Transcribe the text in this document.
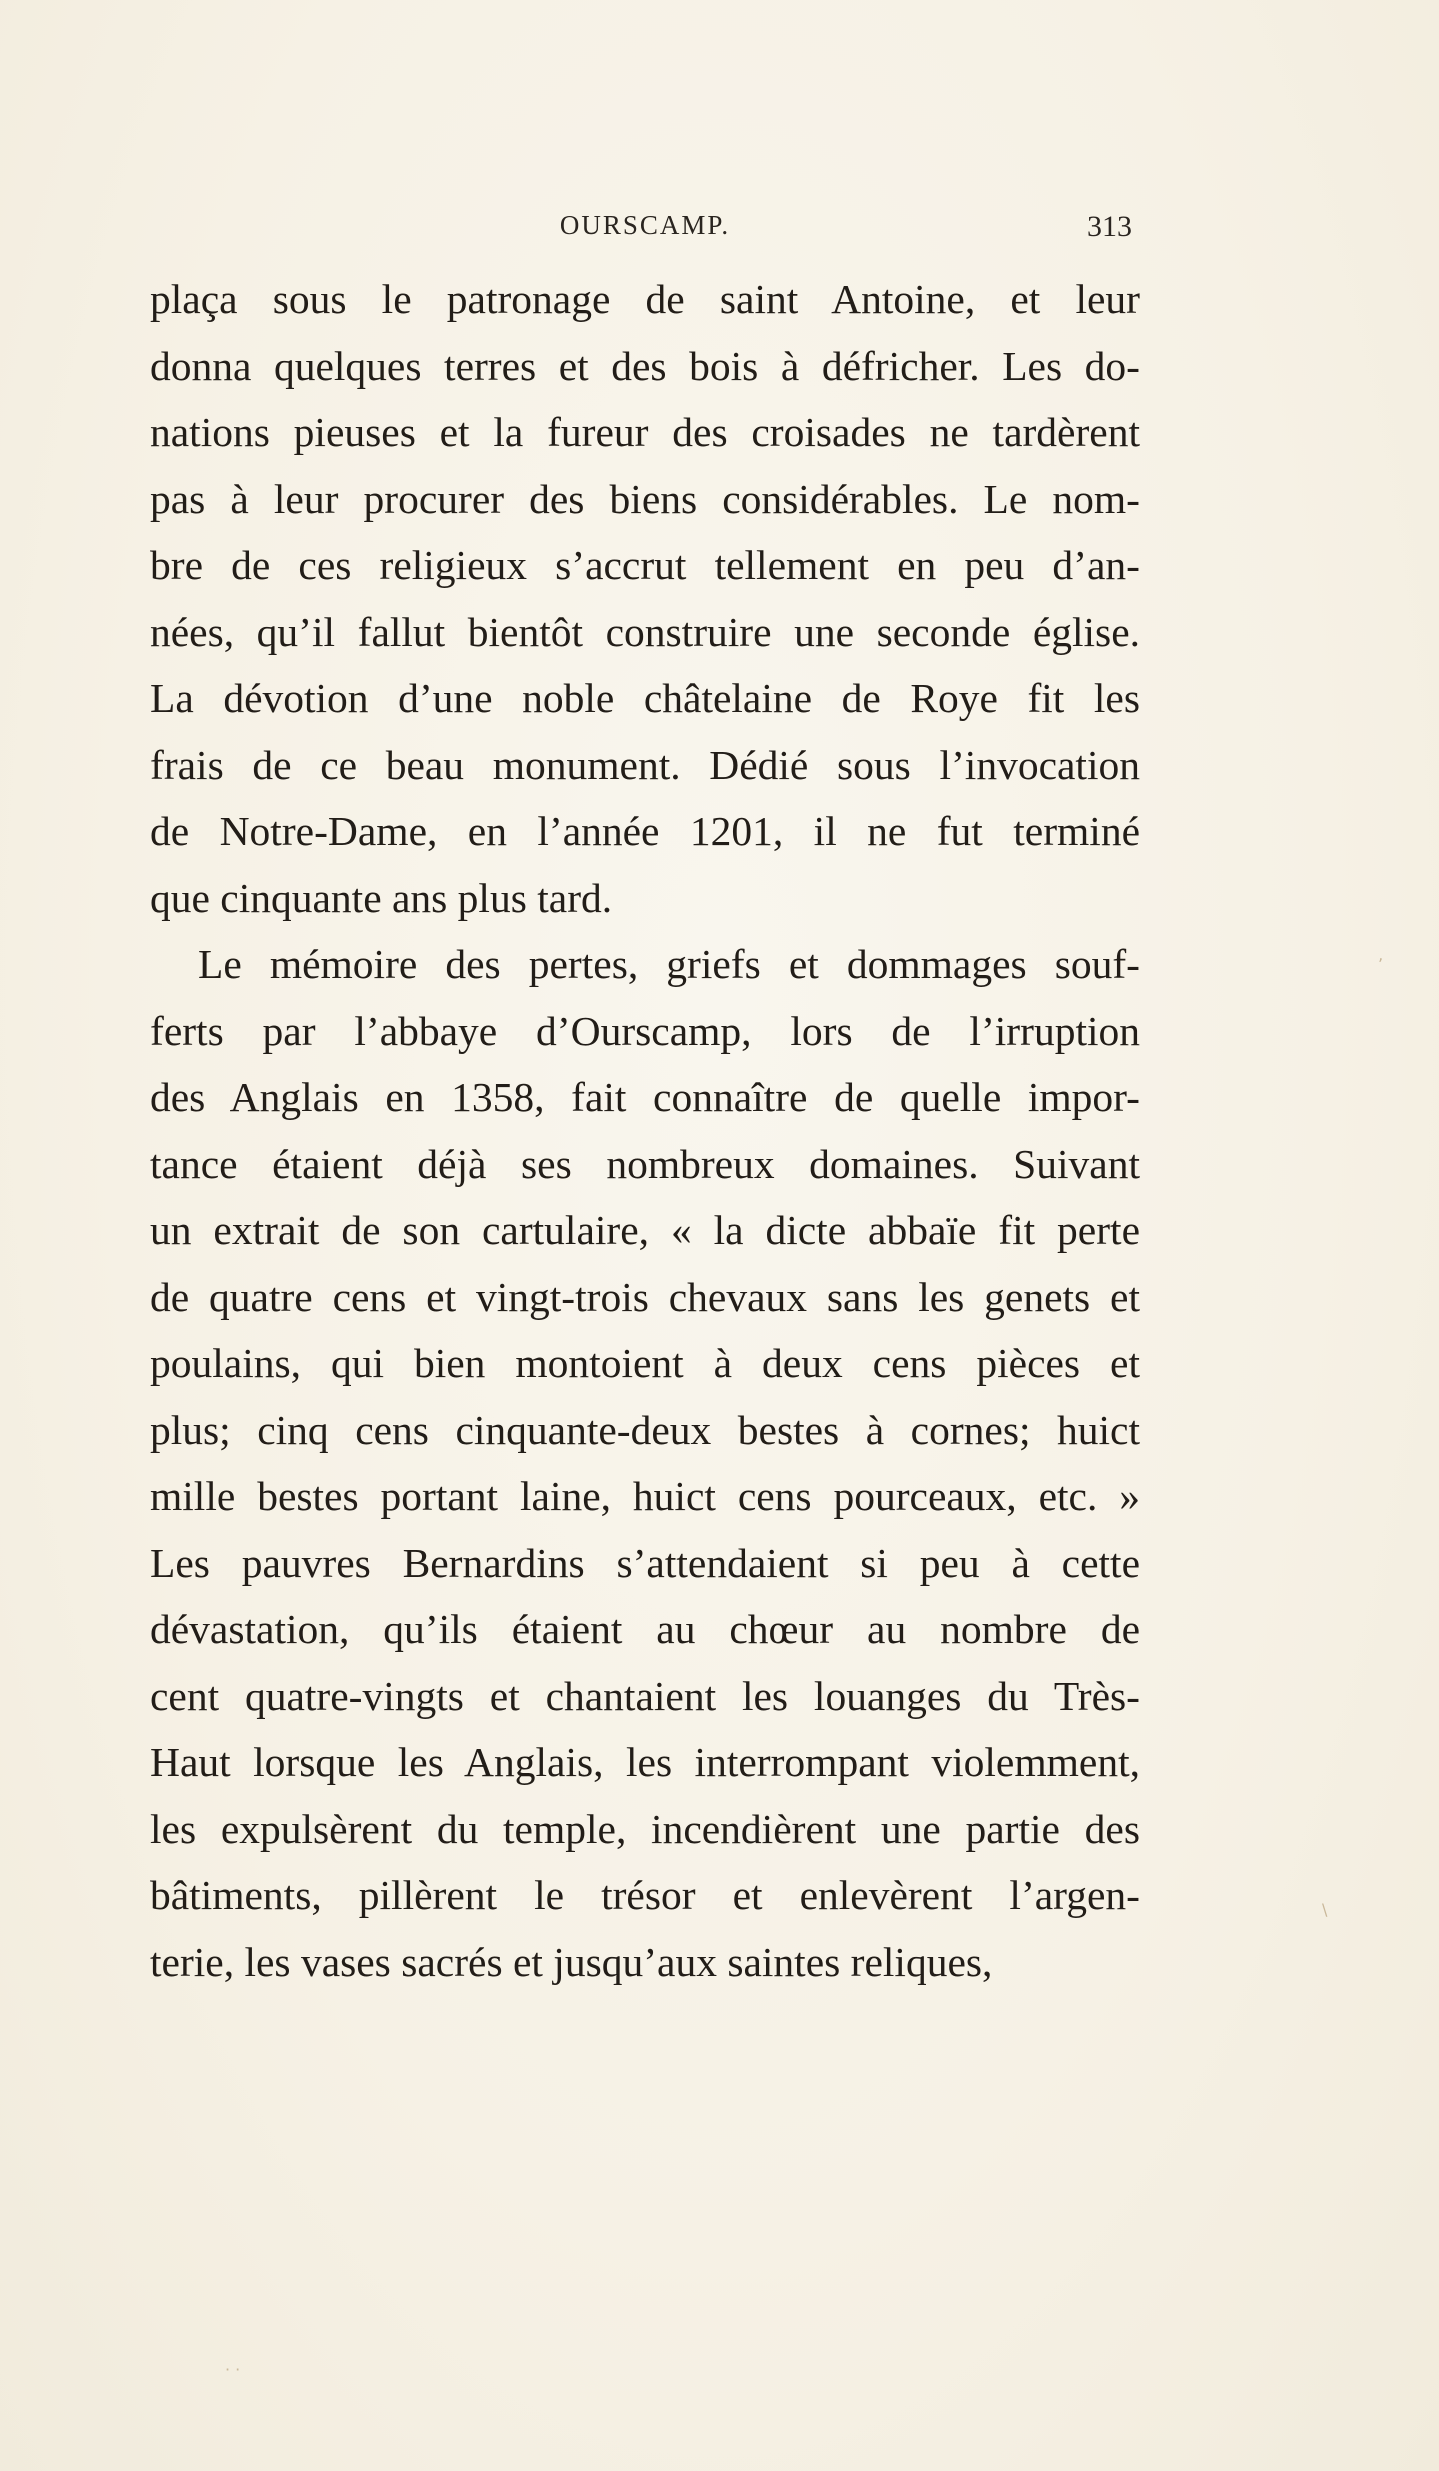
OURSCAMP.	313
plaça sous le patronage de saint Antoine, et leur
donna quelques terres et des bois à défricher. Les do-
nations pieuses et la fureur des croisades ne tardèrent
pas à leur procurer des biens considérables. Le nom-
bre de ces religieux s’accrut tellement en peu d’an-
nées, qu’il fallut bientôt construire une seconde église.
La dévotion d’une noble châtelaine de Roye fit les
frais de ce beau monument. Dédié sous l’invocation
de Notre-Dame, en l’année 1201, il ne fut terminé
que cinquante ans plus tard.
Le mémoire des pertes, griefs et dommages souf-
ferts par l’abbaye d’Ourscamp, lors de l’irruption
des Anglais en 1358, fait connaître de quelle impor-
tance étaient déjà ses nombreux domaines. Suivant
un extrait de son cartulaire, « la dicte abbaïe fit perte
de quatre cens et vingt-trois chevaux sans les genets et
poulains, qui bien montoient à deux cens pièces et
plus; cinq cens cinquante-deux bestes à cornes; huict
mille bestes portant laine, huict cens pourceaux, etc. »
Les pauvres Bernardins s’attendaient si peu à cette
dévastation, qu’ils étaient au chœur au nombre de
cent quatre-vingts et chantaient les louanges du Très-
Haut lorsque les Anglais, les interrompant violemment,
les expulsèrent du temple, incendièrent une partie des
bâtiments, pillèrent le trésor et enlevèrent l’argen-
terie, les vases sacrés et jusqu’aux saintes reliques,
ʼ
\
· ·
